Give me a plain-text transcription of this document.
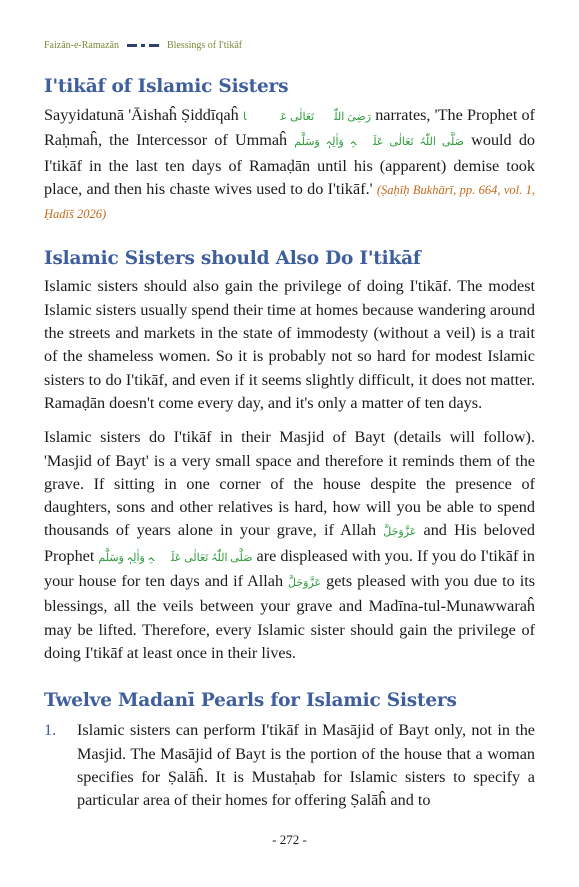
Faizān-e-Ramazān	Blessings of I'tikāf
I'tikāf of Islamic Sisters

Sayyidatunā 'Āishaĥ Ṣiddīqaĥ رَضِیَ اللّٰہُ تَعَالٰی عَنۡہَا narrates, 'The Prophet of Raḥmaĥ, the Intercessor of Ummaĥ صَلَّی اللّٰہُ تَعَالٰی عَلَیۡہِ وَاٰلِہٖ وَسَلَّم would do I'tikāf in the last ten days of Ramaḍān until his (apparent) demise took place, and then his chaste wives used to do I'tikāf.' (Ṣaḥīḥ Bukhārī, pp. 664, vol. 1, Ḥadīš 2026)

Islamic Sisters should Also Do I'tikāf

Islamic sisters should also gain the privilege of doing I'tikāf. The modest Islamic sisters usually spend their time at homes because wandering around the streets and markets in the state of immodesty (without a veil) is a trait of the shameless women. So it is probably not so hard for modest Islamic sisters to do I'tikāf, and even if it seems slightly difficult, it does not matter. Ramaḍān doesn't come every day, and it's only a matter of ten days.

Islamic sisters do I'tikāf in their Masjid of Bayt (details will follow). 'Masjid of Bayt' is a very small space and therefore it reminds them of the grave. If sitting in one corner of the house despite the presence of daughters, sons and other relatives is hard, how will you be able to spend thousands of years alone in your grave, if Allah عَزَّوَجَلَّ and His beloved Prophet صَلَّی اللّٰہُ تَعَالٰی عَلَیۡہِ وَاٰلِہٖ وَسَلَّم are displeased with you. If you do I'tikāf in your house for ten days and if Allah عَزَّوَجَلَّ gets pleased with you due to its blessings, all the veils between your grave and Madīna-tul-Munawwaraĥ may be lifted. Therefore, every Islamic sister should gain the privilege of doing I'tikāf at least once in their lives.

Twelve Madanī Pearls for Islamic Sisters
1.	Islamic sisters can perform I'tikāf in Masājid of Bayt only, not in the Masjid. The Masājid of Bayt is the portion of the house that a woman specifies for Ṣalāĥ. It is Mustaḥab for Islamic sisters to specify a particular area of their homes for offering Ṣalāĥ and to

- 272 -
